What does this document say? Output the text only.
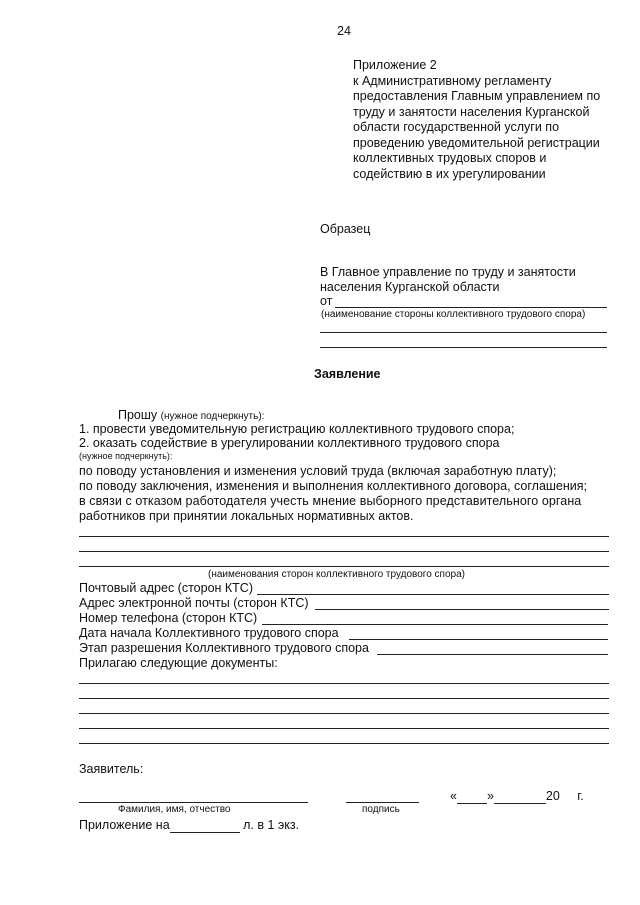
24
Приложение 2
к Административному регламенту
предоставления Главным управлением по
труду и занятости населения Курганской
области государственной услуги по
проведению уведомительной регистрации
коллективных трудовых споров и
содействию в их урегулировании
Образец
В Главное управление по труду и занятости
населения Курганской области
от
(наименование стороны коллективного трудового спора)
Заявление
Прошу (нужное подчеркнуть):
1. провести уведомительную регистрацию коллективного трудового спора;
2. оказать содействие в урегулировании коллективного трудового спора
(нужное подчеркнуть):
по поводу установления и изменения условий труда (включая заработную плату);
по поводу заключения, изменения и выполнения коллективного договора, соглашения;
в связи с отказом работодателя учесть мнение выборного представительного органа
работников при принятии локальных нормативных актов.
(наименования сторон коллективного трудового спора)
Почтовый адрес (сторон КТС)
Адрес электронной почты (сторон КТС)
Номер телефона (сторон КТС)
Дата начала Коллективного трудового спора
Этап разрешения Коллективного трудового спора
Прилагаю следующие документы:
Заявитель:
Фамилия, имя, отчество	подпись
« »	20 г.
Приложение на	л. в 1 экз.
